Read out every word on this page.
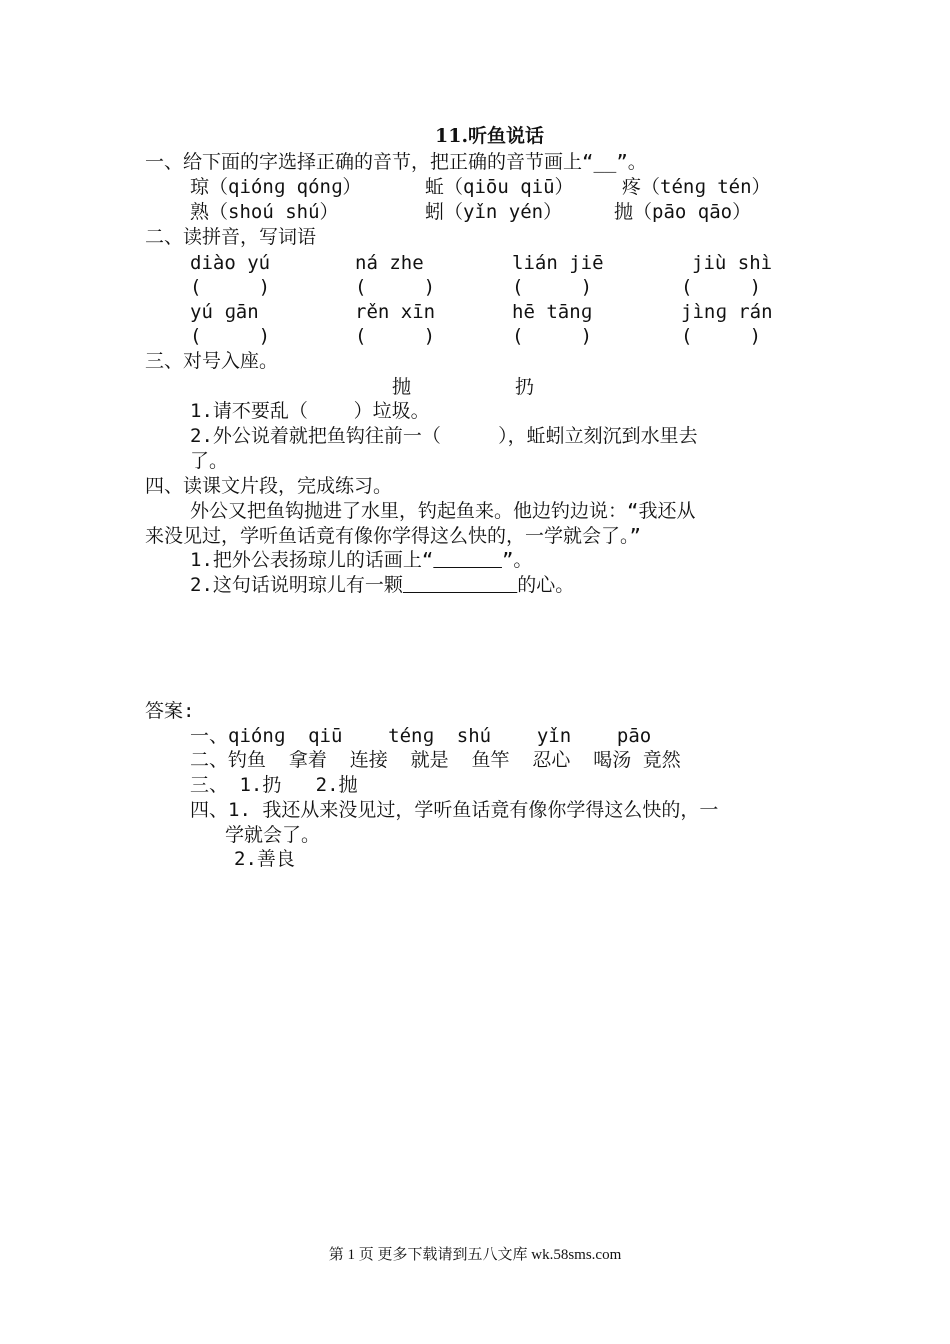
11.听鱼说话
一、给下面的字选择正确的音节，把正确的音节画上“__”。
琼（qiónɡ qónɡ）	蚯（qiōu qiū）	疼（ténɡ tén）
熟（shoú shú）	蚓（yǐn yén）	抛（pāo qāo）
二、读拼音，写词语
diào yú	ná zhe	lián jiē	jiù shì
(     )	(     )	(     )	(     )
yú ɡān	rěn xīn	hē tānɡ	jìnɡ rán
(     )	(     )	(     )	(     )
三、对号入座。
抛	扔
1.请不要乱（    ）垃圾。
2.外公说着就把鱼钩往前一（     ），蚯蚓立刻沉到水里去
了。
四、读课文片段，完成练习。
外公又把鱼钩抛进了水里，钓起鱼来。他边钓边说：“我还从
来没见过，学听鱼话竟有像你学得这么快的，一学就会了。”
1.把外公表扬琼儿的话画上“	”。
2.这句话说明琼儿有一颗	的心。
答案:
一、qiónɡ  qiū    ténɡ  shú    yǐn    pāo
二、钓鱼  拿着  连接  就是  鱼竿  忍心  喝汤 竟然
三、 1.扔   2.抛
四、1. 我还从来没见过，学听鱼话竟有像你学得这么快的，一
学就会了。
2.善良
第 1 页 更多下载请到五八文库 wk.58sms.com
